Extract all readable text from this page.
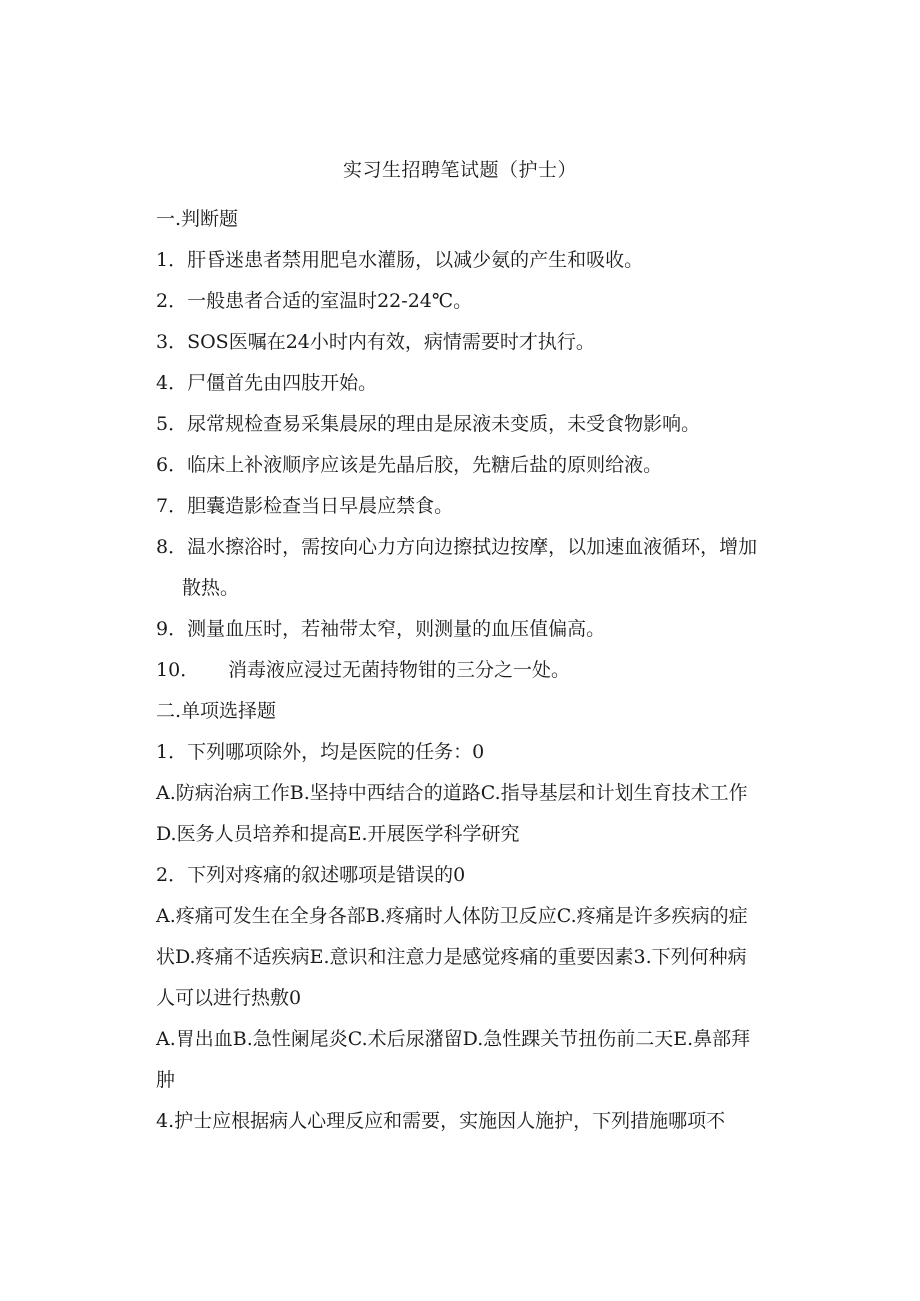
实习生招聘笔试题（护士）
一.判断题
1．肝昏迷患者禁用肥皂水灌肠，以减少氨的产生和吸收。
2．一般患者合适的室温时22-24℃。
3．SOS医嘱在24小时内有效，病情需要时才执行。
4．尸僵首先由四肢开始。
5．尿常规检查易采集晨尿的理由是尿液未变质，未受食物影响。
6．临床上补液顺序应该是先晶后胶，先糖后盐的原则给液。
7．胆囊造影检查当日早晨应禁食。
8．温水擦浴时，需按向心力方向边擦拭边按摩，以加速血液循环，增加
散热。
9．测量血压时，若袖带太窄，则测量的血压值偏高。
10． 消毒液应浸过无菌持物钳的三分之一处。
二.单项选择题
1．下列哪项除外，均是医院的任务：0
A.防病治病工作B.坚持中西结合的道路C.指导基层和计划生育技术工作
D.医务人员培养和提高E.开展医学科学研究
2．下列对疼痛的叙述哪项是错误的0
A.疼痛可发生在全身各部B.疼痛时人体防卫反应C.疼痛是许多疾病的症
状D.疼痛不适疾病E.意识和注意力是感觉疼痛的重要因素3.下列何种病
人可以进行热敷0
A.胃出血B.急性阑尾炎C.术后尿潴留D.急性踝关节扭伤前二天E.鼻部拜
肿
4.护士应根据病人心理反应和需要，实施因人施护，下列措施哪项不
